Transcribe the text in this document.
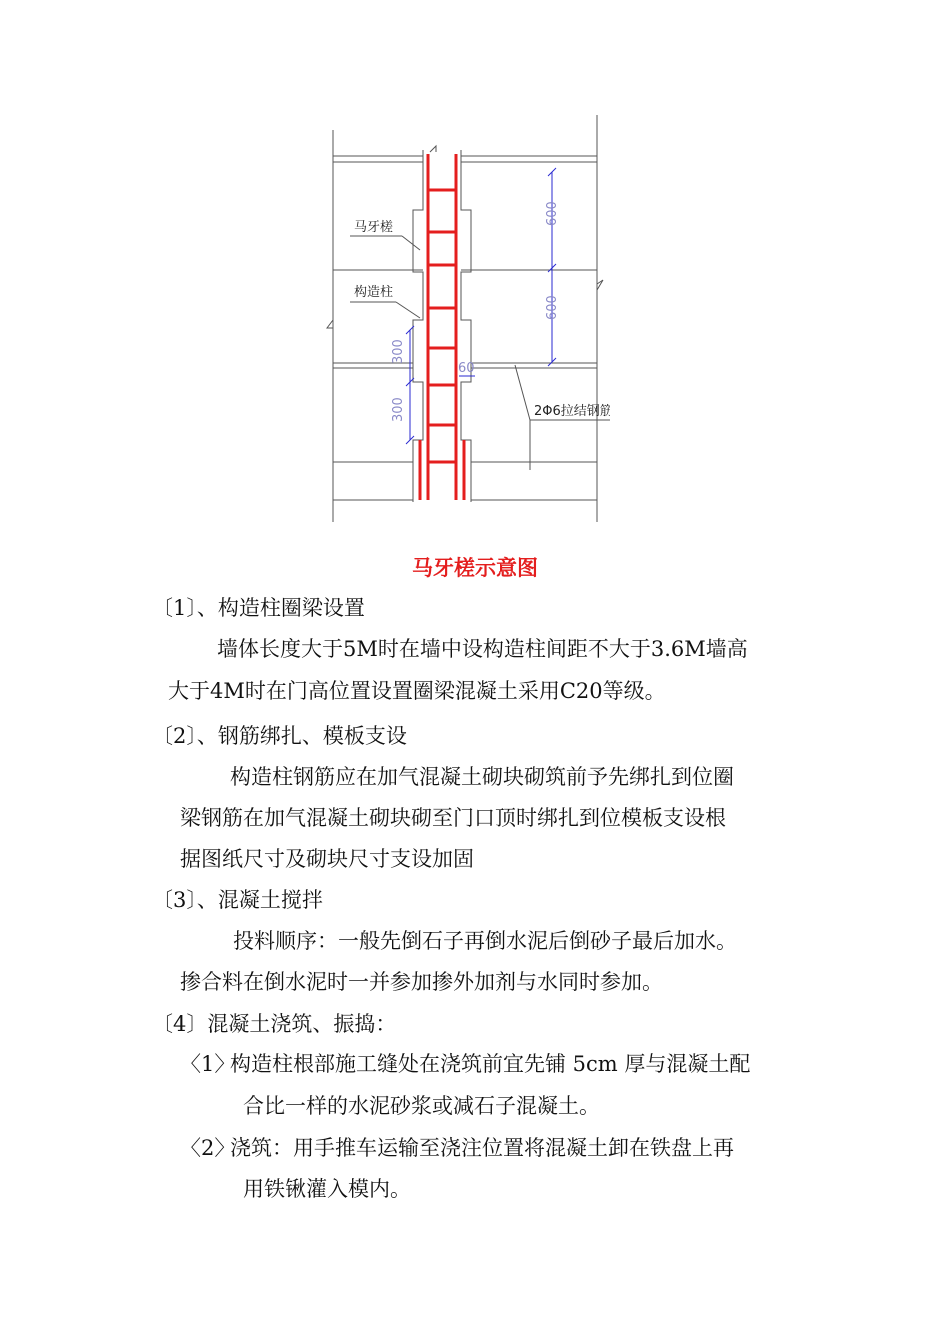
马牙槎
构造柱
2Φ6拉结钢筋
600
600
300
300
60
马牙槎示意图
〔1〕、构造柱圈梁设置
墙体长度大于5M时在墙中设构造柱间距不大于3.6M墙高
大于4M时在门高位置设置圈梁混凝土采用C20等级。
〔2〕、钢筋绑扎、模板支设
构造柱钢筋应在加气混凝土砌块砌筑前予先绑扎到位圈
梁钢筋在加气混凝土砌块砌至门口顶时绑扎到位模板支设根
据图纸尺寸及砌块尺寸支设加固
〔3〕、混凝土搅拌
投料顺序：一般先倒石子再倒水泥后倒砂子最后加水。
掺合料在倒水泥时一并参加掺外加剂与水同时参加。
〔4〕混凝土浇筑、振捣：
〈1〉
构造柱根部施工缝处在浇筑前宜先铺 5cm 厚与混凝土配
合比一样的水泥砂浆或减石子混凝土。
〈2〉
浇筑：用手推车运输至浇注位置将混凝土卸在铁盘上再
用铁锹灌入模内。
